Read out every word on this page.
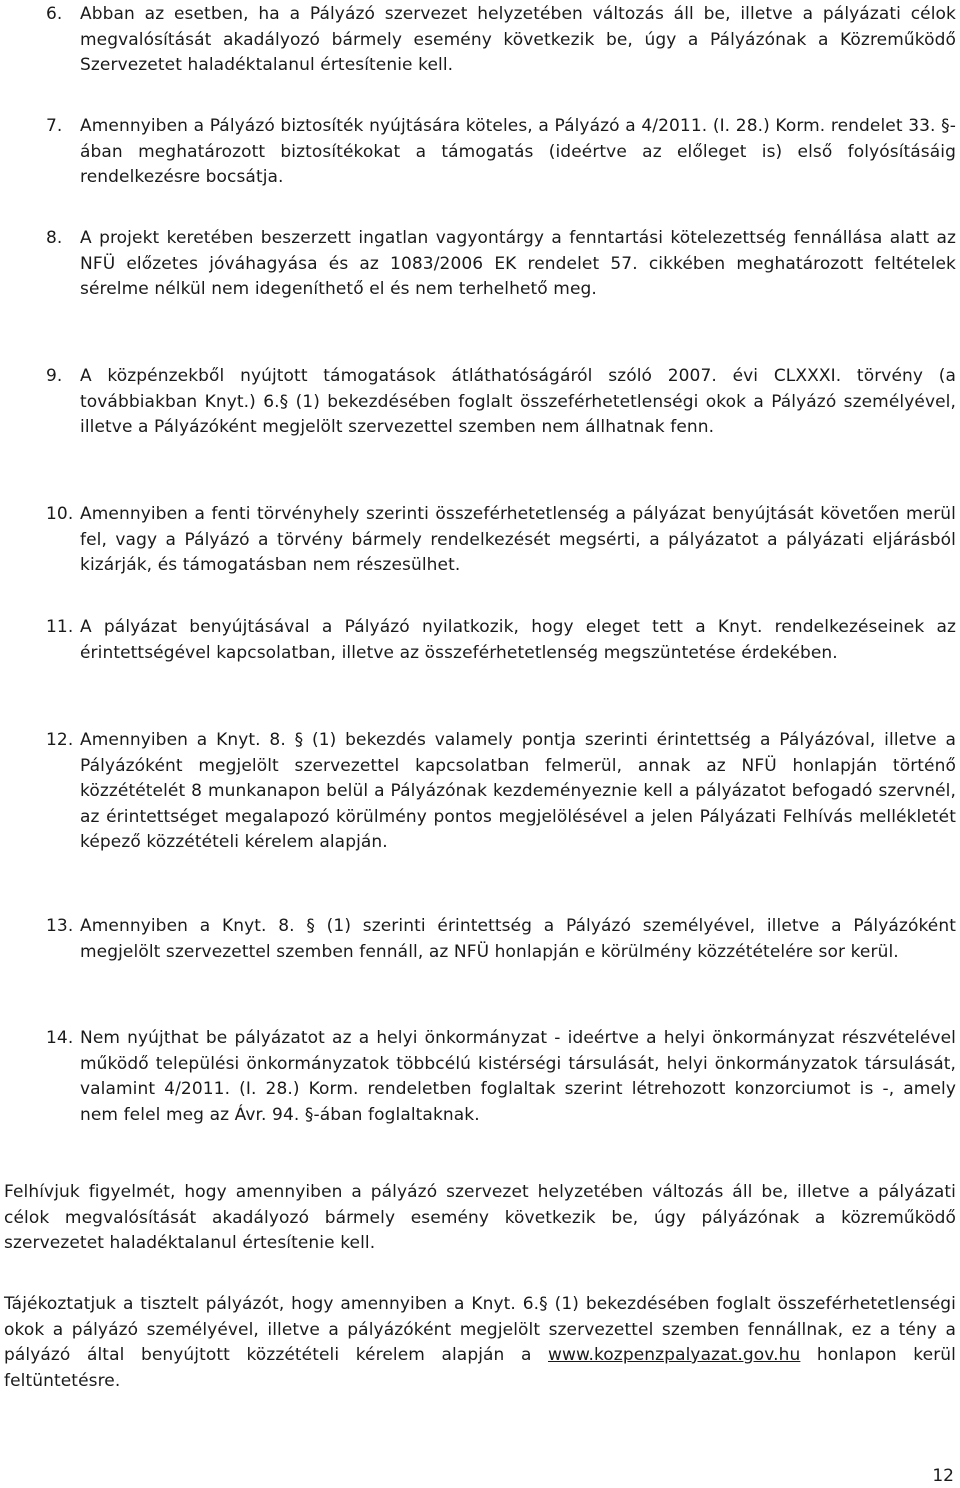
6.	Abban az esetben, ha a Pályázó szervezet helyzetében változás áll be, illetve a pályázati célok megvalósítását akadályozó bármely esemény következik be, úgy a Pályázónak a Közreműködő Szervezetet haladéktalanul értesítenie kell.
7.	Amennyiben a Pályázó biztosíték nyújtására köteles, a Pályázó a 4/2011. (I. 28.) Korm. rendelet 33. §-ában meghatározott biztosítékokat a támogatás (ideértve az előleget is) első folyósításáig rendelkezésre bocsátja.
8.	A projekt keretében beszerzett ingatlan vagyontárgy a fenntartási kötelezettség fennállása alatt az NFÜ előzetes jóváhagyása és az 1083/2006 EK rendelet 57. cikkében meghatározott feltételek sérelme nélkül nem idegeníthető el és nem terhelhető meg.
9.	A közpénzekből nyújtott támogatások átláthatóságáról szóló 2007. évi CLXXXI. törvény (a továbbiakban Knyt.) 6.§ (1) bekezdésében foglalt összeférhetetlenségi okok a Pályázó személyével, illetve a Pályázóként megjelölt szervezettel szemben nem állhatnak fenn.
10. Amennyiben a fenti törvényhely szerinti összeférhetetlenség a pályázat benyújtását követően merül fel, vagy a Pályázó a törvény bármely rendelkezését megsérti, a pályázatot a pályázati eljárásból kizárják, és támogatásban nem részesülhet.
11. A pályázat benyújtásával a Pályázó nyilatkozik, hogy eleget tett a Knyt. rendelkezéseinek az érintettségével kapcsolatban, illetve az összeférhetetlenség megszüntetése érdekében.
12. Amennyiben a Knyt. 8. § (1) bekezdés valamely pontja szerinti érintettség a Pályázóval, illetve a Pályázóként megjelölt szervezettel kapcsolatban felmerül, annak az NFÜ honlapján történő közzétételét 8 munkanapon belül a Pályázónak kezdeményeznie kell a pályázatot befogadó szervnél, az érintettséget megalapozó körülmény pontos megjelölésével a jelen Pályázati Felhívás mellékletét képező közzétételi kérelem alapján.
13. Amennyiben a Knyt. 8. § (1) szerinti érintettség a Pályázó személyével, illetve a Pályázóként megjelölt szervezettel szemben fennáll, az NFÜ honlapján e körülmény közzétételére sor kerül.
14. Nem nyújthat be pályázatot az a helyi önkormányzat - ideértve a helyi önkormányzat részvételével működő települési önkormányzatok többcélú kistérségi társulását, helyi önkormányzatok társulását, valamint 4/2011. (I. 28.) Korm. rendeletben foglaltak szerint létrehozott konzorciumot is -, amely nem felel meg az Ávr. 94. §-ában foglaltaknak.
Felhívjuk figyelmét, hogy amennyiben a pályázó szervezet helyzetében változás áll be, illetve a pályázati célok megvalósítását akadályozó bármely esemény következik be, úgy pályázónak a közreműködő szervezetet haladéktalanul értesítenie kell.
Tájékoztatjuk a tisztelt pályázót, hogy amennyiben a Knyt. 6.§ (1) bekezdésében foglalt összeférhetetlenségi okok a pályázó személyével, illetve a pályázóként megjelölt szervezettel szemben fennállnak, ez a tény a pályázó által benyújtott közzétételi kérelem alapján a www.kozpenzpalyazat.gov.hu honlapon kerül feltüntetésre.
12
